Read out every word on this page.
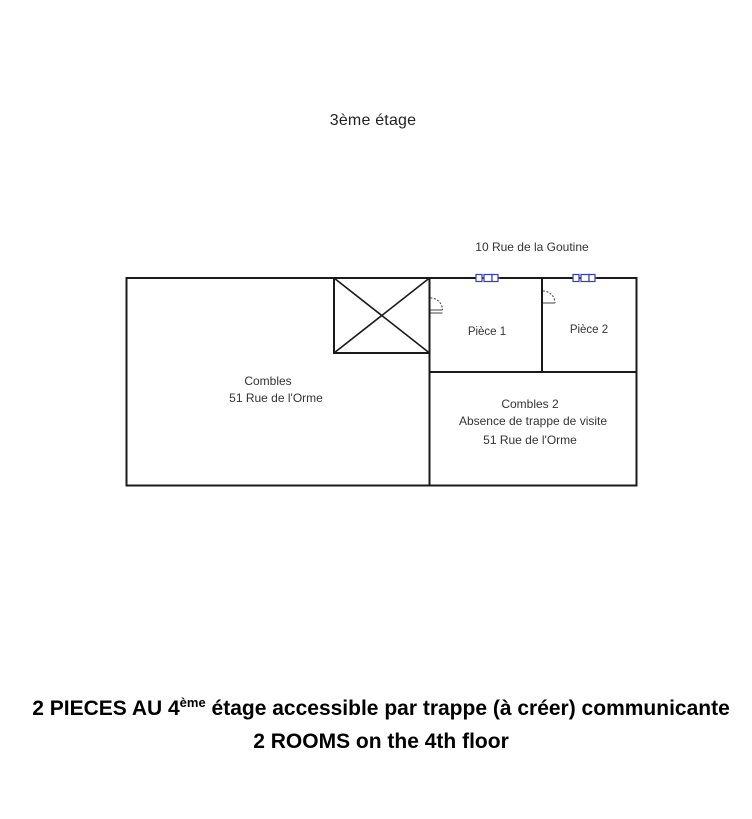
3ème étage
10 Rue de la Goutine
Combles
51 Rue de l'Orme
Pièce 1	Pièce 2
Combles 2
Absence de trappe de visite
51 Rue de l'Orme
2 PIECES AU 4ème étage accessible par trappe (à créer) communicante
2 ROOMS on the 4th floor
